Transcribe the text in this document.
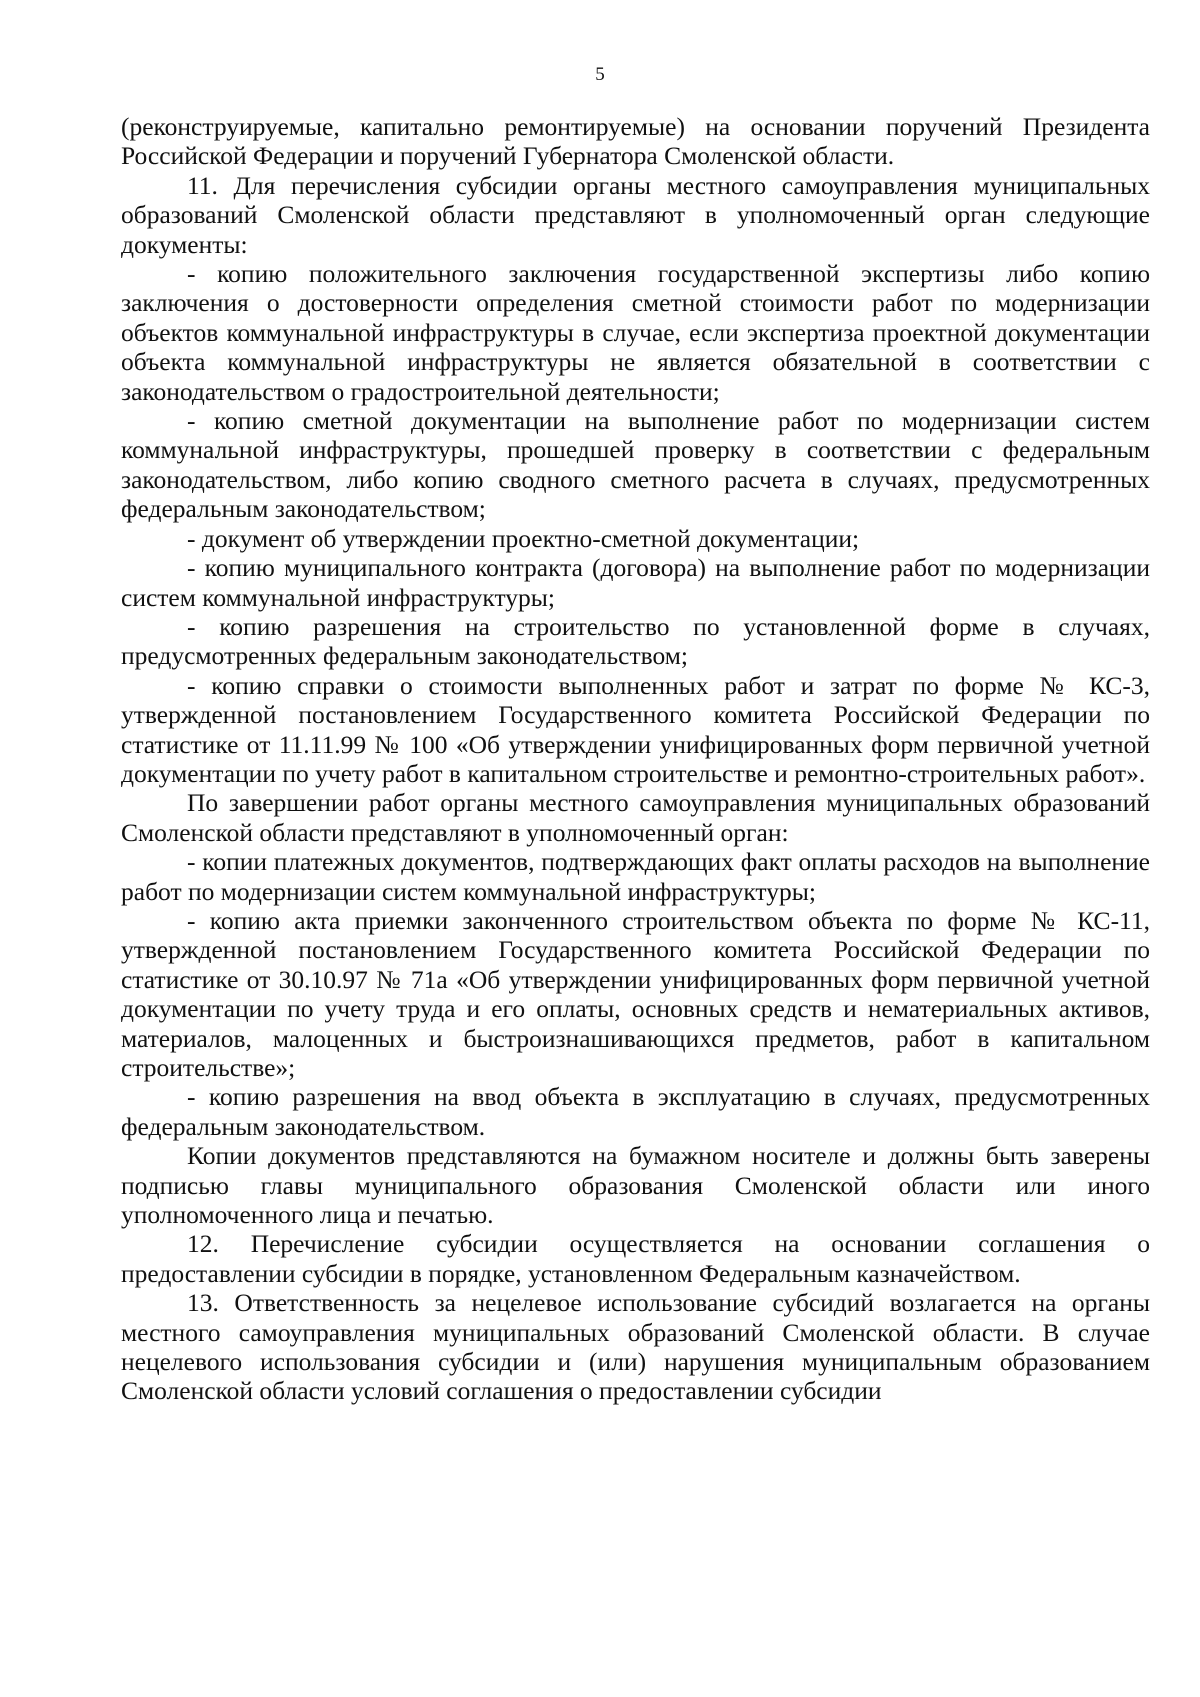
5

(реконструируемые, капитально ремонтируемые) на основании поручений Президента Российской Федерации и поручений Губернатора Смоленской области.

11. Для перечисления субсидии органы местного самоуправления муниципальных образований Смоленской области представляют в уполномоченный орган следующие документы:

- копию положительного заключения государственной экспертизы либо копию заключения о достоверности определения сметной стоимости работ по модернизации объектов коммунальной инфраструктуры в случае, если экспертиза проектной документации объекта коммунальной инфраструктуры не является обязательной в соответствии с законодательством о градостроительной деятельности;

- копию сметной документации на выполнение работ по модернизации систем коммунальной инфраструктуры, прошедшей проверку в соответствии с федеральным законодательством, либо копию сводного сметного расчета в случаях, предусмотренных федеральным законодательством;

- документ об утверждении проектно-сметной документации;

- копию муниципального контракта (договора) на выполнение работ по модернизации систем коммунальной инфраструктуры;

- копию разрешения на строительство по установленной форме в случаях, предусмотренных федеральным законодательством;

- копию справки о стоимости выполненных работ и затрат по форме № КС-3, утвержденной постановлением Государственного комитета Российской Федерации по статистике от 11.11.99 № 100 «Об утверждении унифицированных форм первичной учетной документации по учету работ в капитальном строительстве и ремонтно-строительных работ».

По завершении работ органы местного самоуправления муниципальных образований Смоленской области представляют в уполномоченный орган:

- копии платежных документов, подтверждающих факт оплаты расходов на выполнение работ по модернизации систем коммунальной инфраструктуры;

- копию акта приемки законченного строительством объекта по форме № КС-11, утвержденной постановлением Государственного комитета Российской Федерации по статистике от 30.10.97 № 71а «Об утверждении унифицированных форм первичной учетной документации по учету труда и его оплаты, основных средств и нематериальных активов, материалов, малоценных и быстроизнашивающихся предметов, работ в капитальном строительстве»;

- копию разрешения на ввод объекта в эксплуатацию в случаях, предусмотренных федеральным законодательством.

Копии документов представляются на бумажном носителе и должны быть заверены подписью главы муниципального образования Смоленской области или иного уполномоченного лица и печатью.

12. Перечисление субсидии осуществляется на основании соглашения о предоставлении субсидии в порядке, установленном Федеральным казначейством.

13. Ответственность за нецелевое использование субсидий возлагается на органы местного самоуправления муниципальных образований Смоленской области. В случае нецелевого использования субсидии и (или) нарушения муниципальным образованием Смоленской области условий соглашения о предоставлении субсидии
